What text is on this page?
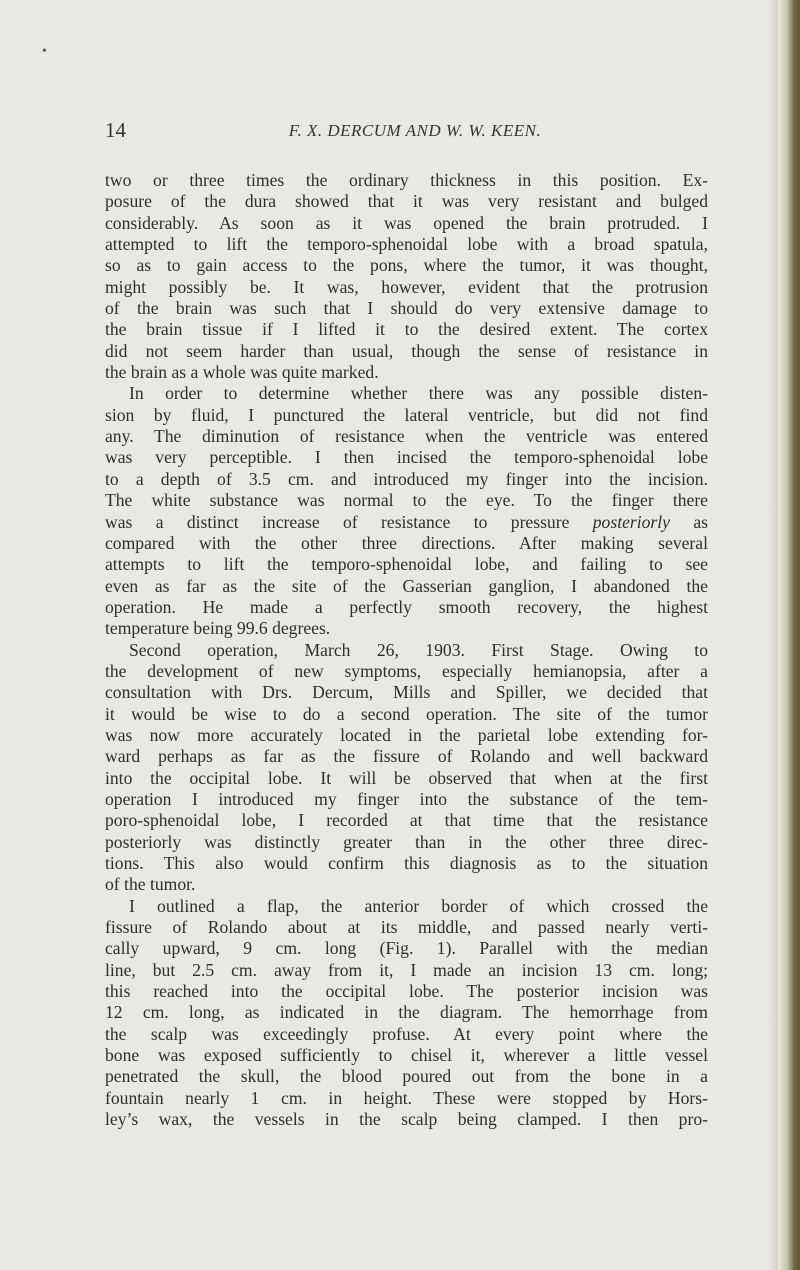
•
14	F. X. DERCUM AND W. W. KEEN.
two or three times the ordinary thickness in this position. Ex-
posure of the dura showed that it was very resistant and bulged
considerably. As soon as it was opened the brain protruded. I
attempted to lift the temporo-sphenoidal lobe with a broad spatula,
so as to gain access to the pons, where the tumor, it was thought,
might possibly be. It was, however, evident that the protrusion
of the brain was such that I should do very extensive damage to
the brain tissue if I lifted it to the desired extent. The cortex
did not seem harder than usual, though the sense of resistance in
the brain as a whole was quite marked.
In order to determine whether there was any possible disten-
sion by fluid, I punctured the lateral ventricle, but did not find
any. The diminution of resistance when the ventricle was entered
was very perceptible. I then incised the temporo-sphenoidal lobe
to a depth of 3.5 cm. and introduced my finger into the incision.
The white substance was normal to the eye. To the finger there
was a distinct increase of resistance to pressure posteriorly as
compared with the other three directions. After making several
attempts to lift the temporo-sphenoidal lobe, and failing to see
even as far as the site of the Gasserian ganglion, I abandoned the
operation. He made a perfectly smooth recovery, the highest
temperature being 99.6 degrees.
Second operation, March 26, 1903. First Stage. Owing to
the development of new symptoms, especially hemianopsia, after a
consultation with Drs. Dercum, Mills and Spiller, we decided that
it would be wise to do a second operation. The site of the tumor
was now more accurately located in the parietal lobe extending for-
ward perhaps as far as the fissure of Rolando and well backward
into the occipital lobe. It will be observed that when at the first
operation I introduced my finger into the substance of the tem-
poro-sphenoidal lobe, I recorded at that time that the resistance
posteriorly was distinctly greater than in the other three direc-
tions. This also would confirm this diagnosis as to the situation
of the tumor.
I outlined a flap, the anterior border of which crossed the
fissure of Rolando about at its middle, and passed nearly verti-
cally upward, 9 cm. long (Fig. 1). Parallel with the median
line, but 2.5 cm. away from it, I made an incision 13 cm. long;
this reached into the occipital lobe. The posterior incision was
12 cm. long, as indicated in the diagram. The hemorrhage from
the scalp was exceedingly profuse. At every point where the
bone was exposed sufficiently to chisel it, wherever a little vessel
penetrated the skull, the blood poured out from the bone in a
fountain nearly 1 cm. in height. These were stopped by Hors-
ley’s wax, the vessels in the scalp being clamped. I then pro-
